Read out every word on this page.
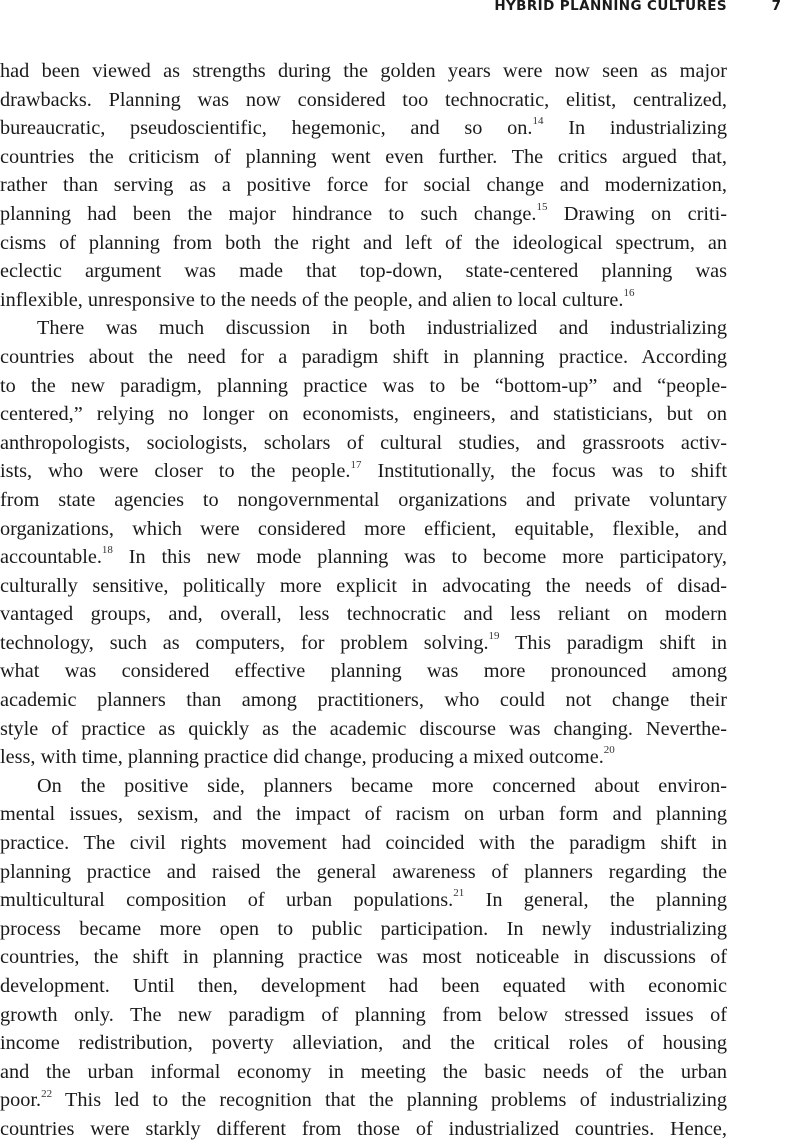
HYBRID PLANNING CULTURES	7
had been viewed as strengths during the golden years were now seen as major
drawbacks. Planning was now considered too technocratic, elitist, centralized,
bureaucratic, pseudoscientific, hegemonic, and so on.$^{14}$ In industrializing
countries the criticism of planning went even further. The critics argued that,
rather than serving as a positive force for social change and modernization,
planning had been the major hindrance to such change.$^{15}$ Drawing on criti-
cisms of planning from both the right and left of the ideological spectrum, an
eclectic argument was made that top-down, state-centered planning was
inflexible, unresponsive to the needs of the people, and alien to local culture.$^{16}$
There was much discussion in both industrialized and industrializing
countries about the need for a paradigm shift in planning practice. According
to the new paradigm, planning practice was to be “bottom-up” and “people-
centered,” relying no longer on economists, engineers, and statisticians, but on
anthropologists, sociologists, scholars of cultural studies, and grassroots activ-
ists, who were closer to the people.$^{17}$ Institutionally, the focus was to shift
from state agencies to nongovernmental organizations and private voluntary
organizations, which were considered more efficient, equitable, flexible, and
accountable.$^{18}$ In this new mode planning was to become more participatory,
culturally sensitive, politically more explicit in advocating the needs of disad-
vantaged groups, and, overall, less technocratic and less reliant on modern
technology, such as computers, for problem solving.$^{19}$ This paradigm shift in
what was considered effective planning was more pronounced among
academic planners than among practitioners, who could not change their
style of practice as quickly as the academic discourse was changing. Neverthe-
less, with time, planning practice did change, producing a mixed outcome.$^{20}$
On the positive side, planners became more concerned about environ-
mental issues, sexism, and the impact of racism on urban form and planning
practice. The civil rights movement had coincided with the paradigm shift in
planning practice and raised the general awareness of planners regarding the
multicultural composition of urban populations.$^{21}$ In general, the planning
process became more open to public participation. In newly industrializing
countries, the shift in planning practice was most noticeable in discussions of
development. Until then, development had been equated with economic
growth only. The new paradigm of planning from below stressed issues of
income redistribution, poverty alleviation, and the critical roles of housing
and the urban informal economy in meeting the basic needs of the urban
poor.$^{22}$ This led to the recognition that the planning problems of industrializing
countries were starkly different from those of industrialized countries. Hence,
